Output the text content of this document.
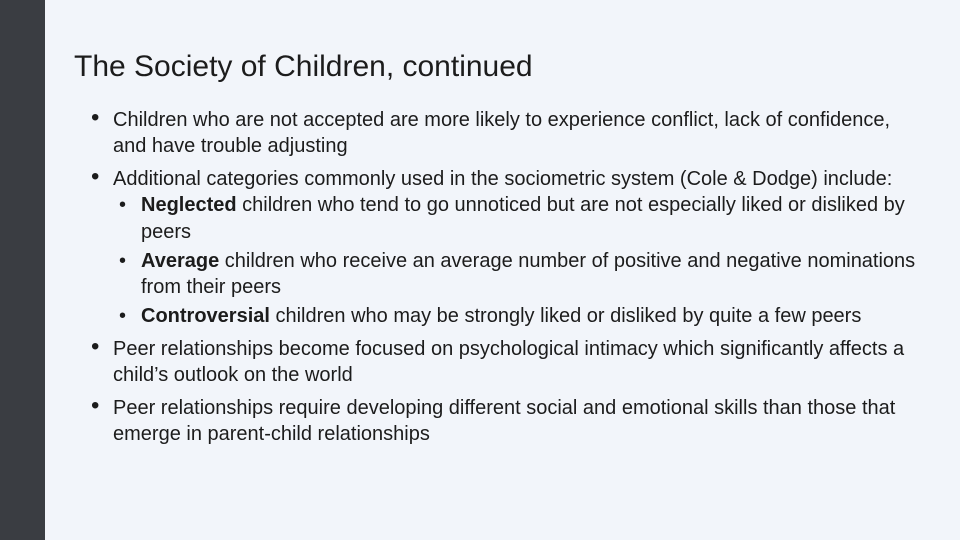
The Society of Children, continued
• Children who are not accepted are more likely to experience conflict, lack of confidence, and have trouble adjusting
• Additional categories commonly used in the sociometric system (Cole & Dodge) include:
• Neglected children who tend to go unnoticed but are not especially liked or disliked by peers
• Average children who receive an average number of positive and negative nominations from their peers
• Controversial children who may be strongly liked or disliked by quite a few peers
• Peer relationships become focused on psychological intimacy which significantly affects a child’s outlook on the world
• Peer relationships require developing different social and emotional skills than those that emerge in parent-child relationships
